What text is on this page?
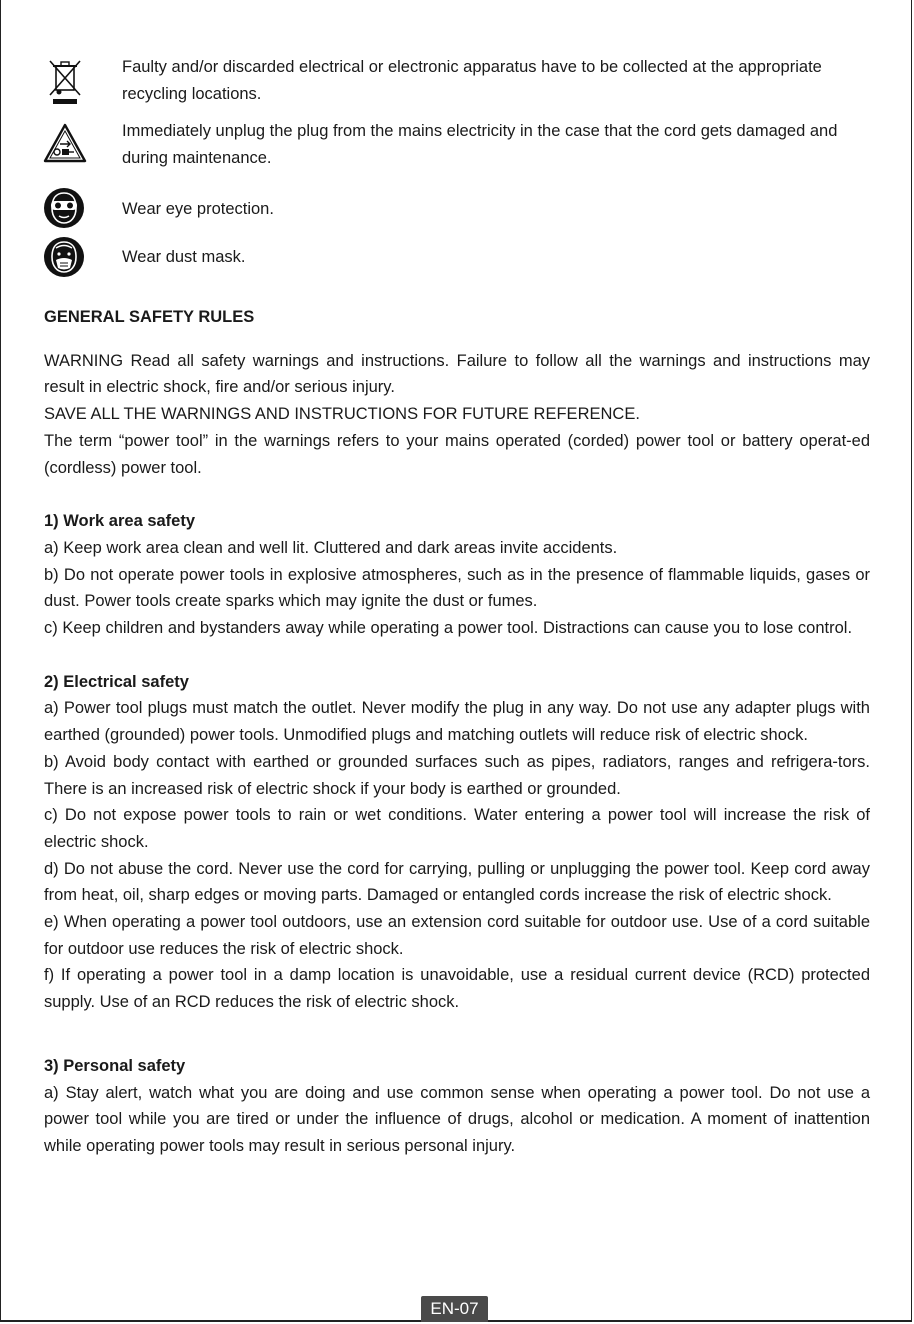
Faulty and/or discarded electrical or electronic apparatus have to be collected at the appropriate recycling locations.
Immediately unplug the plug from the mains electricity in the case that the cord gets damaged and during maintenance.
Wear eye protection.
Wear dust mask.
GENERAL SAFETY RULES

WARNING Read all safety warnings and instructions. Failure to follow all the warnings and instructions may result in electric shock, fire and/or serious injury.

SAVE ALL THE WARNINGS AND INSTRUCTIONS FOR FUTURE REFERENCE.

The term “power tool” in the warnings refers to your mains operated (corded) power tool or battery operat-ed (cordless) power tool.

1) Work area safety

a) Keep work area clean and well lit. Cluttered and dark areas invite accidents.

b) Do not operate power tools in explosive atmospheres, such as in the presence of flammable liquids, gases or dust. Power tools create sparks which may ignite the dust or fumes.

c) Keep children and bystanders away while operating a power tool. Distractions can cause you to lose control.

2) Electrical safety

a) Power tool plugs must match the outlet. Never modify the plug in any way. Do not use any adapter plugs with earthed (grounded) power tools. Unmodified plugs and matching outlets will reduce risk of electric shock.

b) Avoid body contact with earthed or grounded surfaces such as pipes, radiators, ranges and refrigera-tors. There is an increased risk of electric shock if your body is earthed or grounded.

c) Do not expose power tools to rain or wet conditions. Water entering a power tool will increase the risk of electric shock.

d) Do not abuse the cord. Never use the cord for carrying, pulling or unplugging the power tool. Keep cord away from heat, oil, sharp edges or moving parts. Damaged or entangled cords increase the risk of electric shock.

e) When operating a power tool outdoors, use an extension cord suitable for outdoor use. Use of a cord suitable for outdoor use reduces the risk of electric shock.

f) If operating a power tool in a damp location is unavoidable, use a residual current device (RCD) protected supply. Use of an RCD reduces the risk of electric shock.

3) Personal safety

a) Stay alert, watch what you are doing and use common sense when operating a power tool. Do not use a power tool while you are tired or under the influence of drugs, alcohol or medication. A moment of inattention while operating power tools may result in serious personal injury.

EN-07
